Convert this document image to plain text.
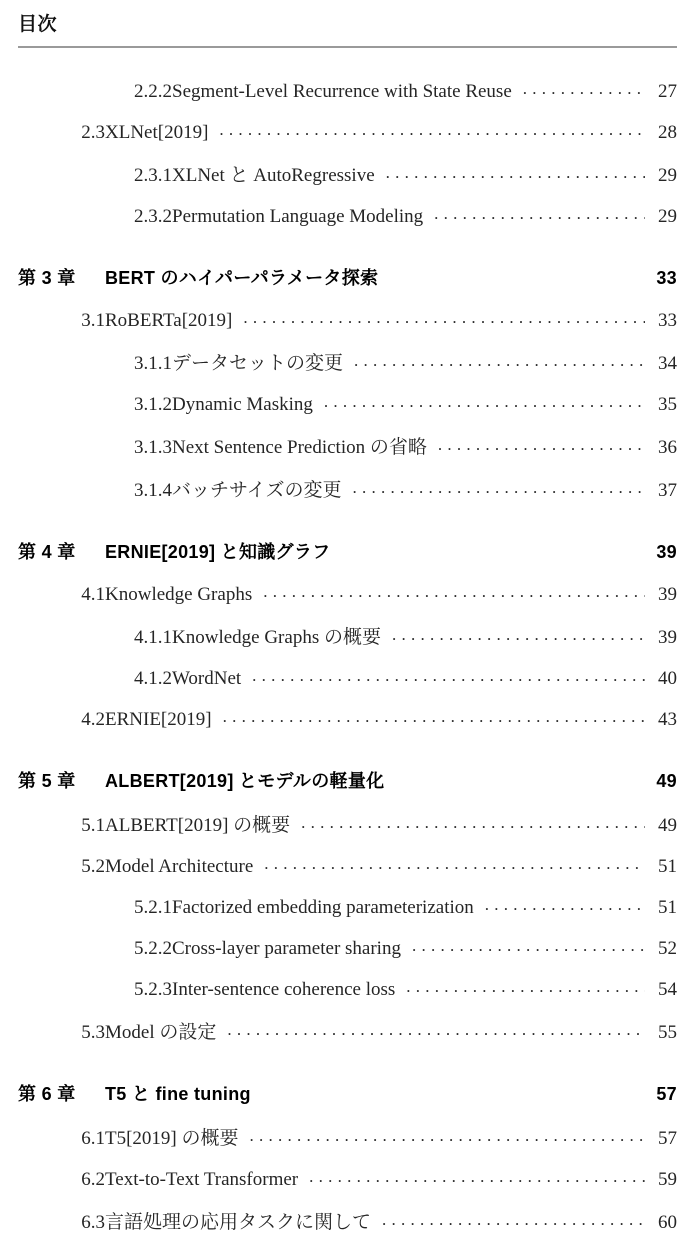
目次
2.2.2 Segment-Level Recurrence with State Reuse . . .	27
2.3 XLNet[2019] . . .	28
2.3.1 XLNet と AutoRegressive . . .	29
2.3.2 Permutation Language Modeling . . .	29
第 3 章	BERT のハイパーパラメータ探索	33
3.1 RoBERTa[2019] . . .	33
3.1.1 データセットの変更 . . .	34
3.1.2 Dynamic Masking . . .	35
3.1.3 Next Sentence Prediction の省略 . . .	36
3.1.4 バッチサイズの変更 . . .	37
第 4 章	ERNIE[2019] と知識グラフ	39
4.1 Knowledge Graphs . . .	39
4.1.1 Knowledge Graphs の概要 . . .	39
4.1.2 WordNet . . .	40
4.2 ERNIE[2019] . . .	43
第 5 章	ALBERT[2019] とモデルの軽量化	49
5.1 ALBERT[2019] の概要 . . .	49
5.2 Model Architecture . . .	51
5.2.1 Factorized embedding parameterization . . .	51
5.2.2 Cross-layer parameter sharing . . .	52
5.2.3 Inter-sentence coherence loss . . .	54
5.3 Model の設定 . . .	55
第 6 章	T5 と fine tuning	57
6.1 T5[2019] の概要 . . .	57
6.2 Text-to-Text Transformer . . .	59
6.3 言語処理の応用タスクに関して . . .	60
